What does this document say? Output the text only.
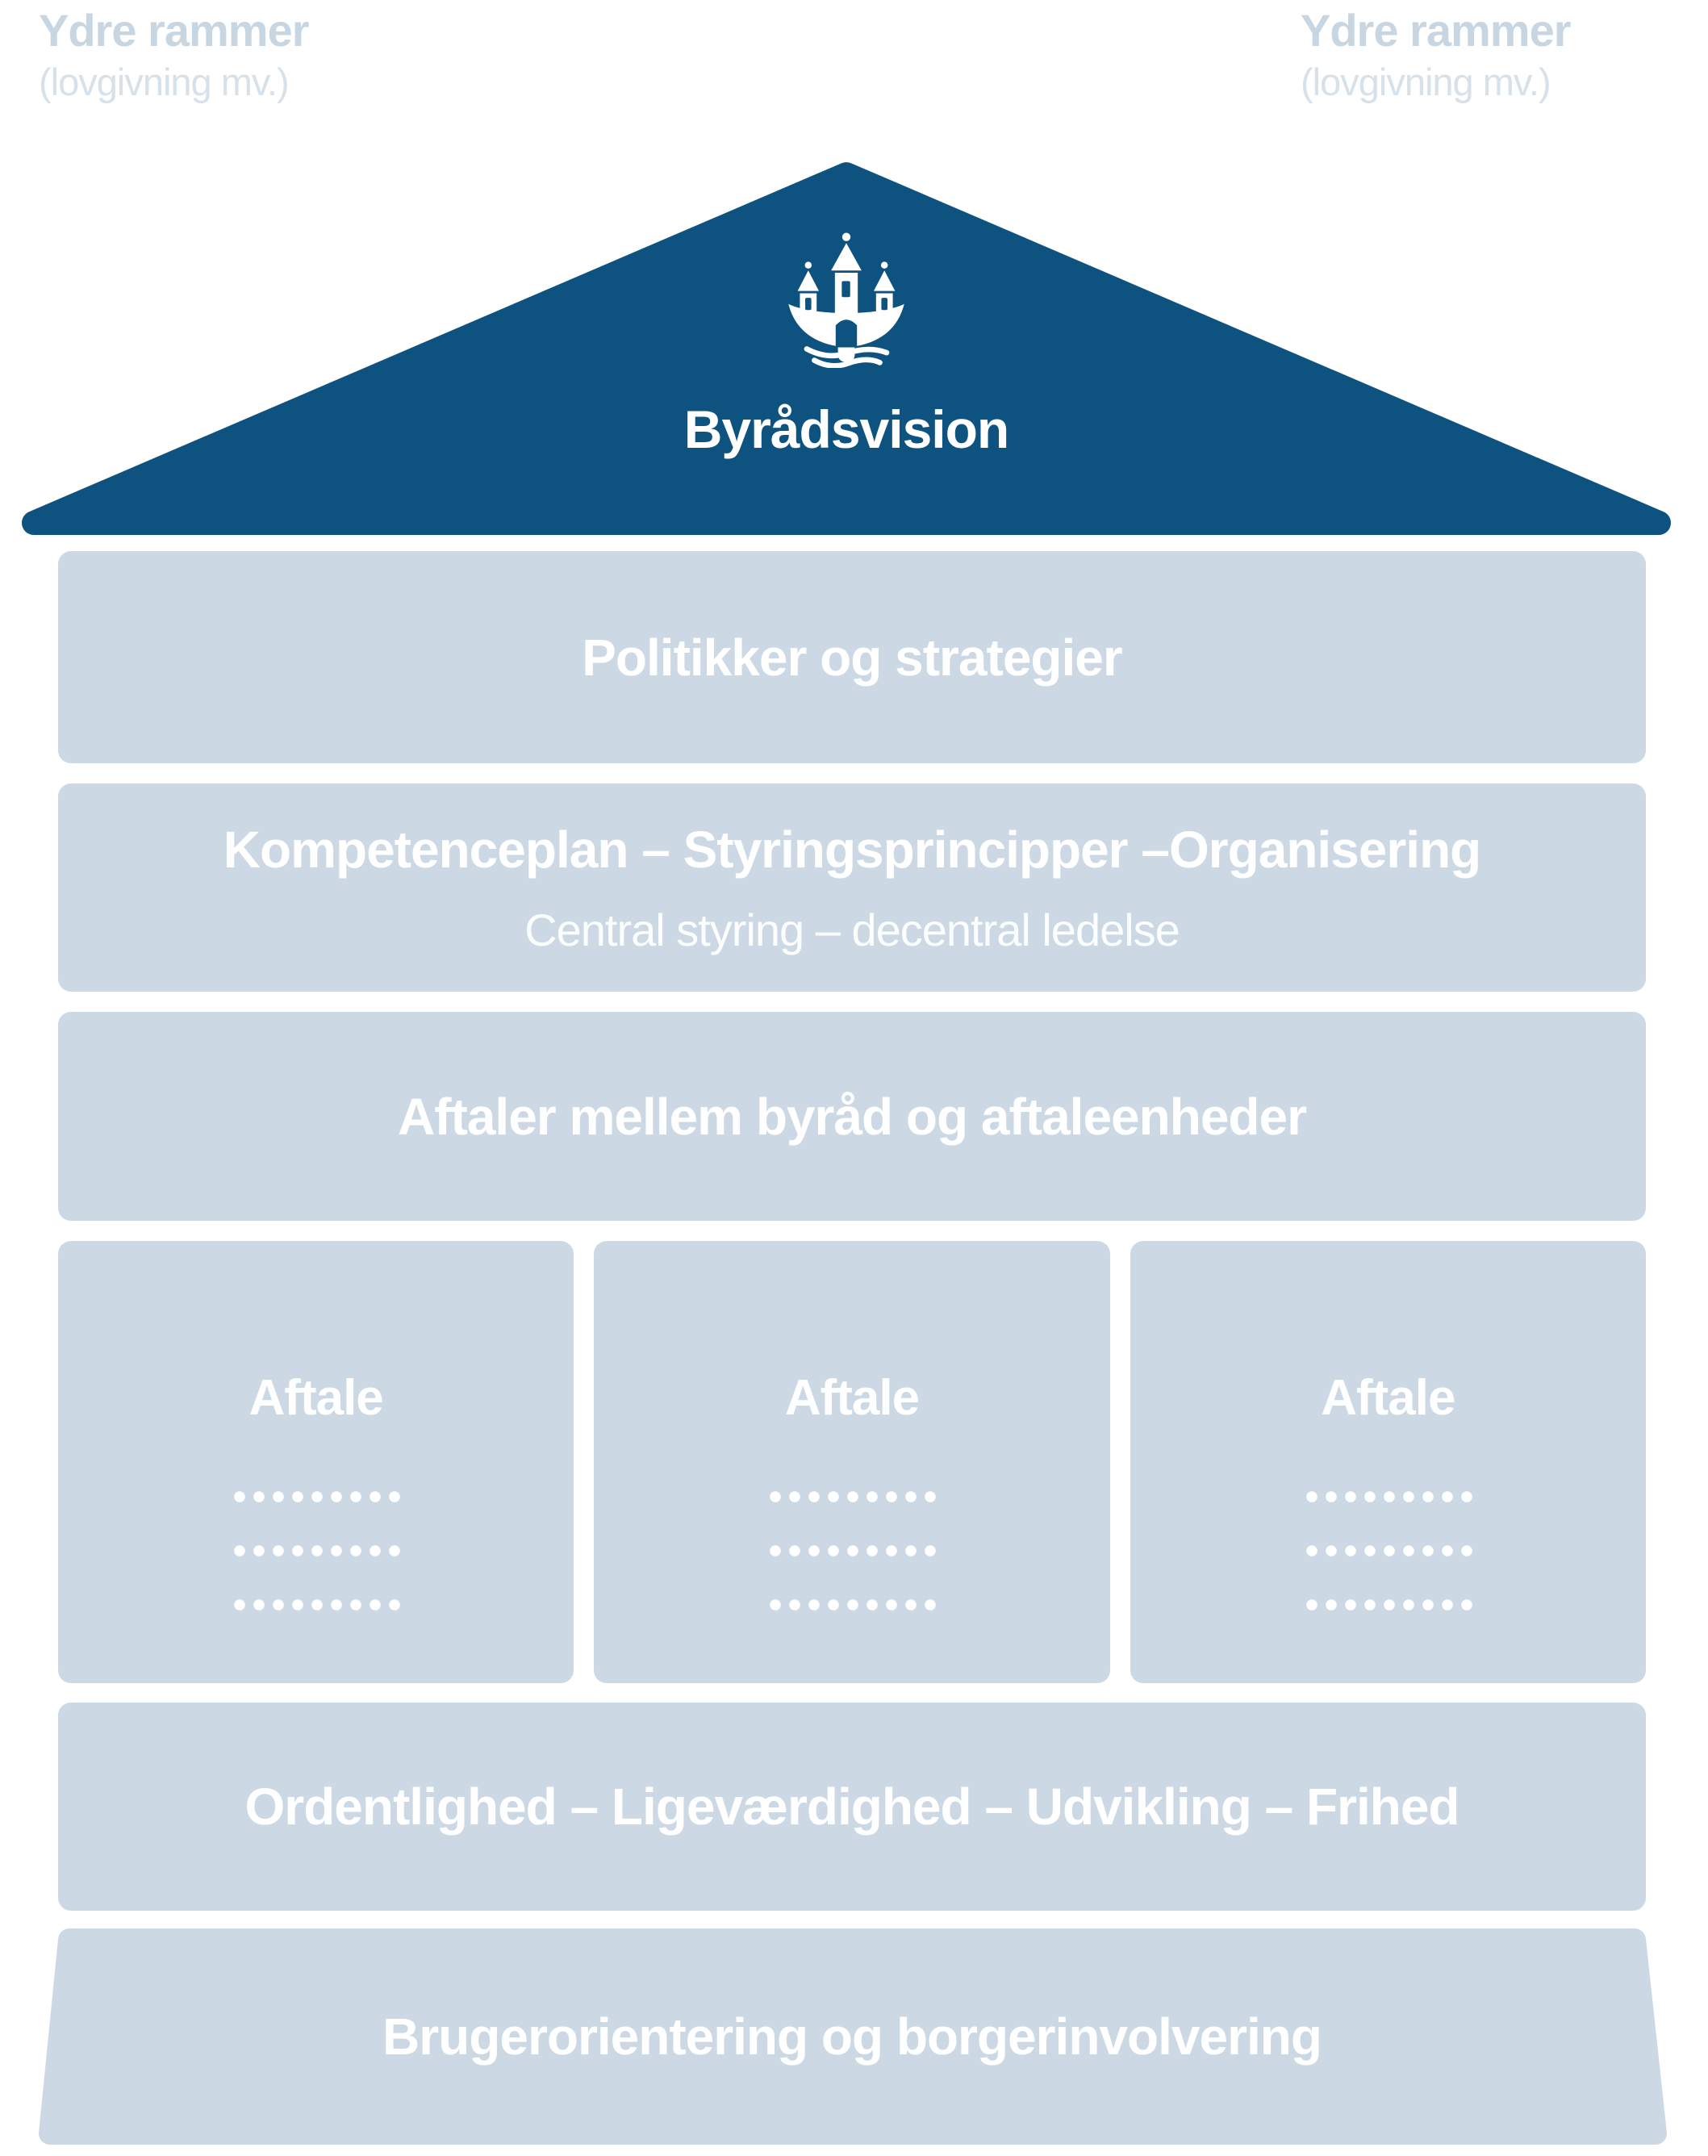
Ydre rammer
(lovgivning mv.)
Ydre rammer
(lovgivning mv.)
Byrådsvision
Politikker og strategier
Kompetenceplan – Styringsprincipper –Organisering
Central styring – decentral ledelse
Aftaler mellem byråd og aftaleenheder
Aftale	Aftale	Aftale
Ordentlighed – Ligeværdighed – Udvikling – Frihed
Brugerorientering og borgerinvolvering
